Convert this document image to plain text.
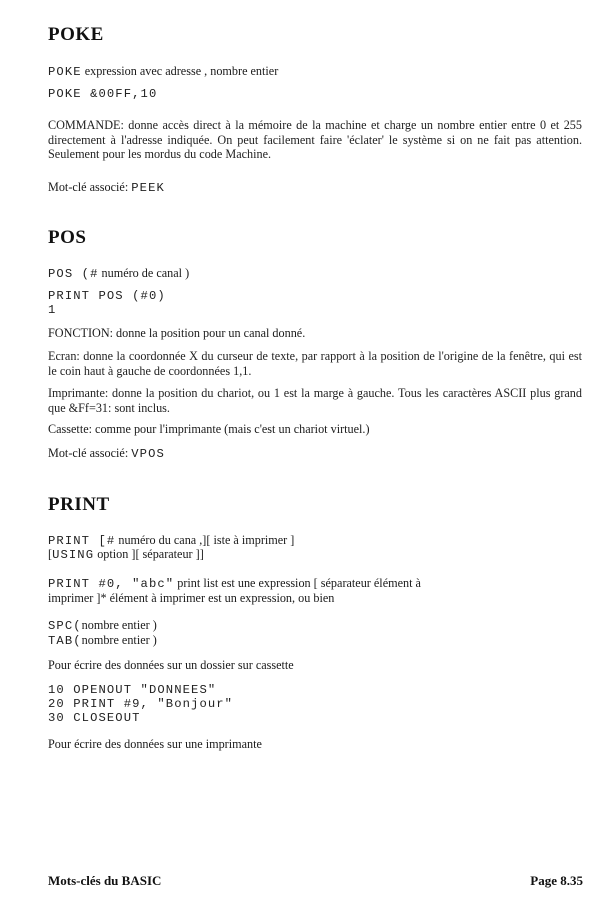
POKE
POKE expression avec adresse , nombre entier
POKE &00FF,10

COMMANDE: donne accès direct à la mémoire de la machine et charge un nombre entier entre 0 et 255 directement à l'adresse indiquée. On peut facilement faire 'éclater' le système si on ne fait pas attention. Seulement pour les mordus du code Machine.

Mot-clé associé: PEEK
POS
POS (# numéro de canal )
PRINT POS (#0)
1
FONCTION: donne la position pour un canal donné.

Ecran: donne la coordonnée X du curseur de texte, par rapport à la position de l'origine de la fenêtre, qui est le coin haut à gauche de coordonnées 1,1.

Imprimante: donne la position du chariot, ou 1 est la marge à gauche. Tous les caractères ASCII plus grand que &Ff=31: sont inclus.

Cassette: comme pour l'imprimante (mais c'est un chariot virtuel.)
Mot-clé associé: VPOS
PRINT
PRINT [# numéro du cana ,][ iste à imprimer ]
[USING option ][ séparateur ]]
PRINT #0, "abc" print list est une expression [ séparateur élément à
imprimer ]* élément à imprimer est un expression, ou bien
SPC(nombre entier )
TAB(nombre entier )
Pour écrire des données sur un dossier sur cassette
10 OPENOUT "DONNEES"
20 PRINT #9, "Bonjour"
30 CLOSEOUT
Pour écrire des données sur une imprimante
Mots-clés du BASIC	Page 8.35
